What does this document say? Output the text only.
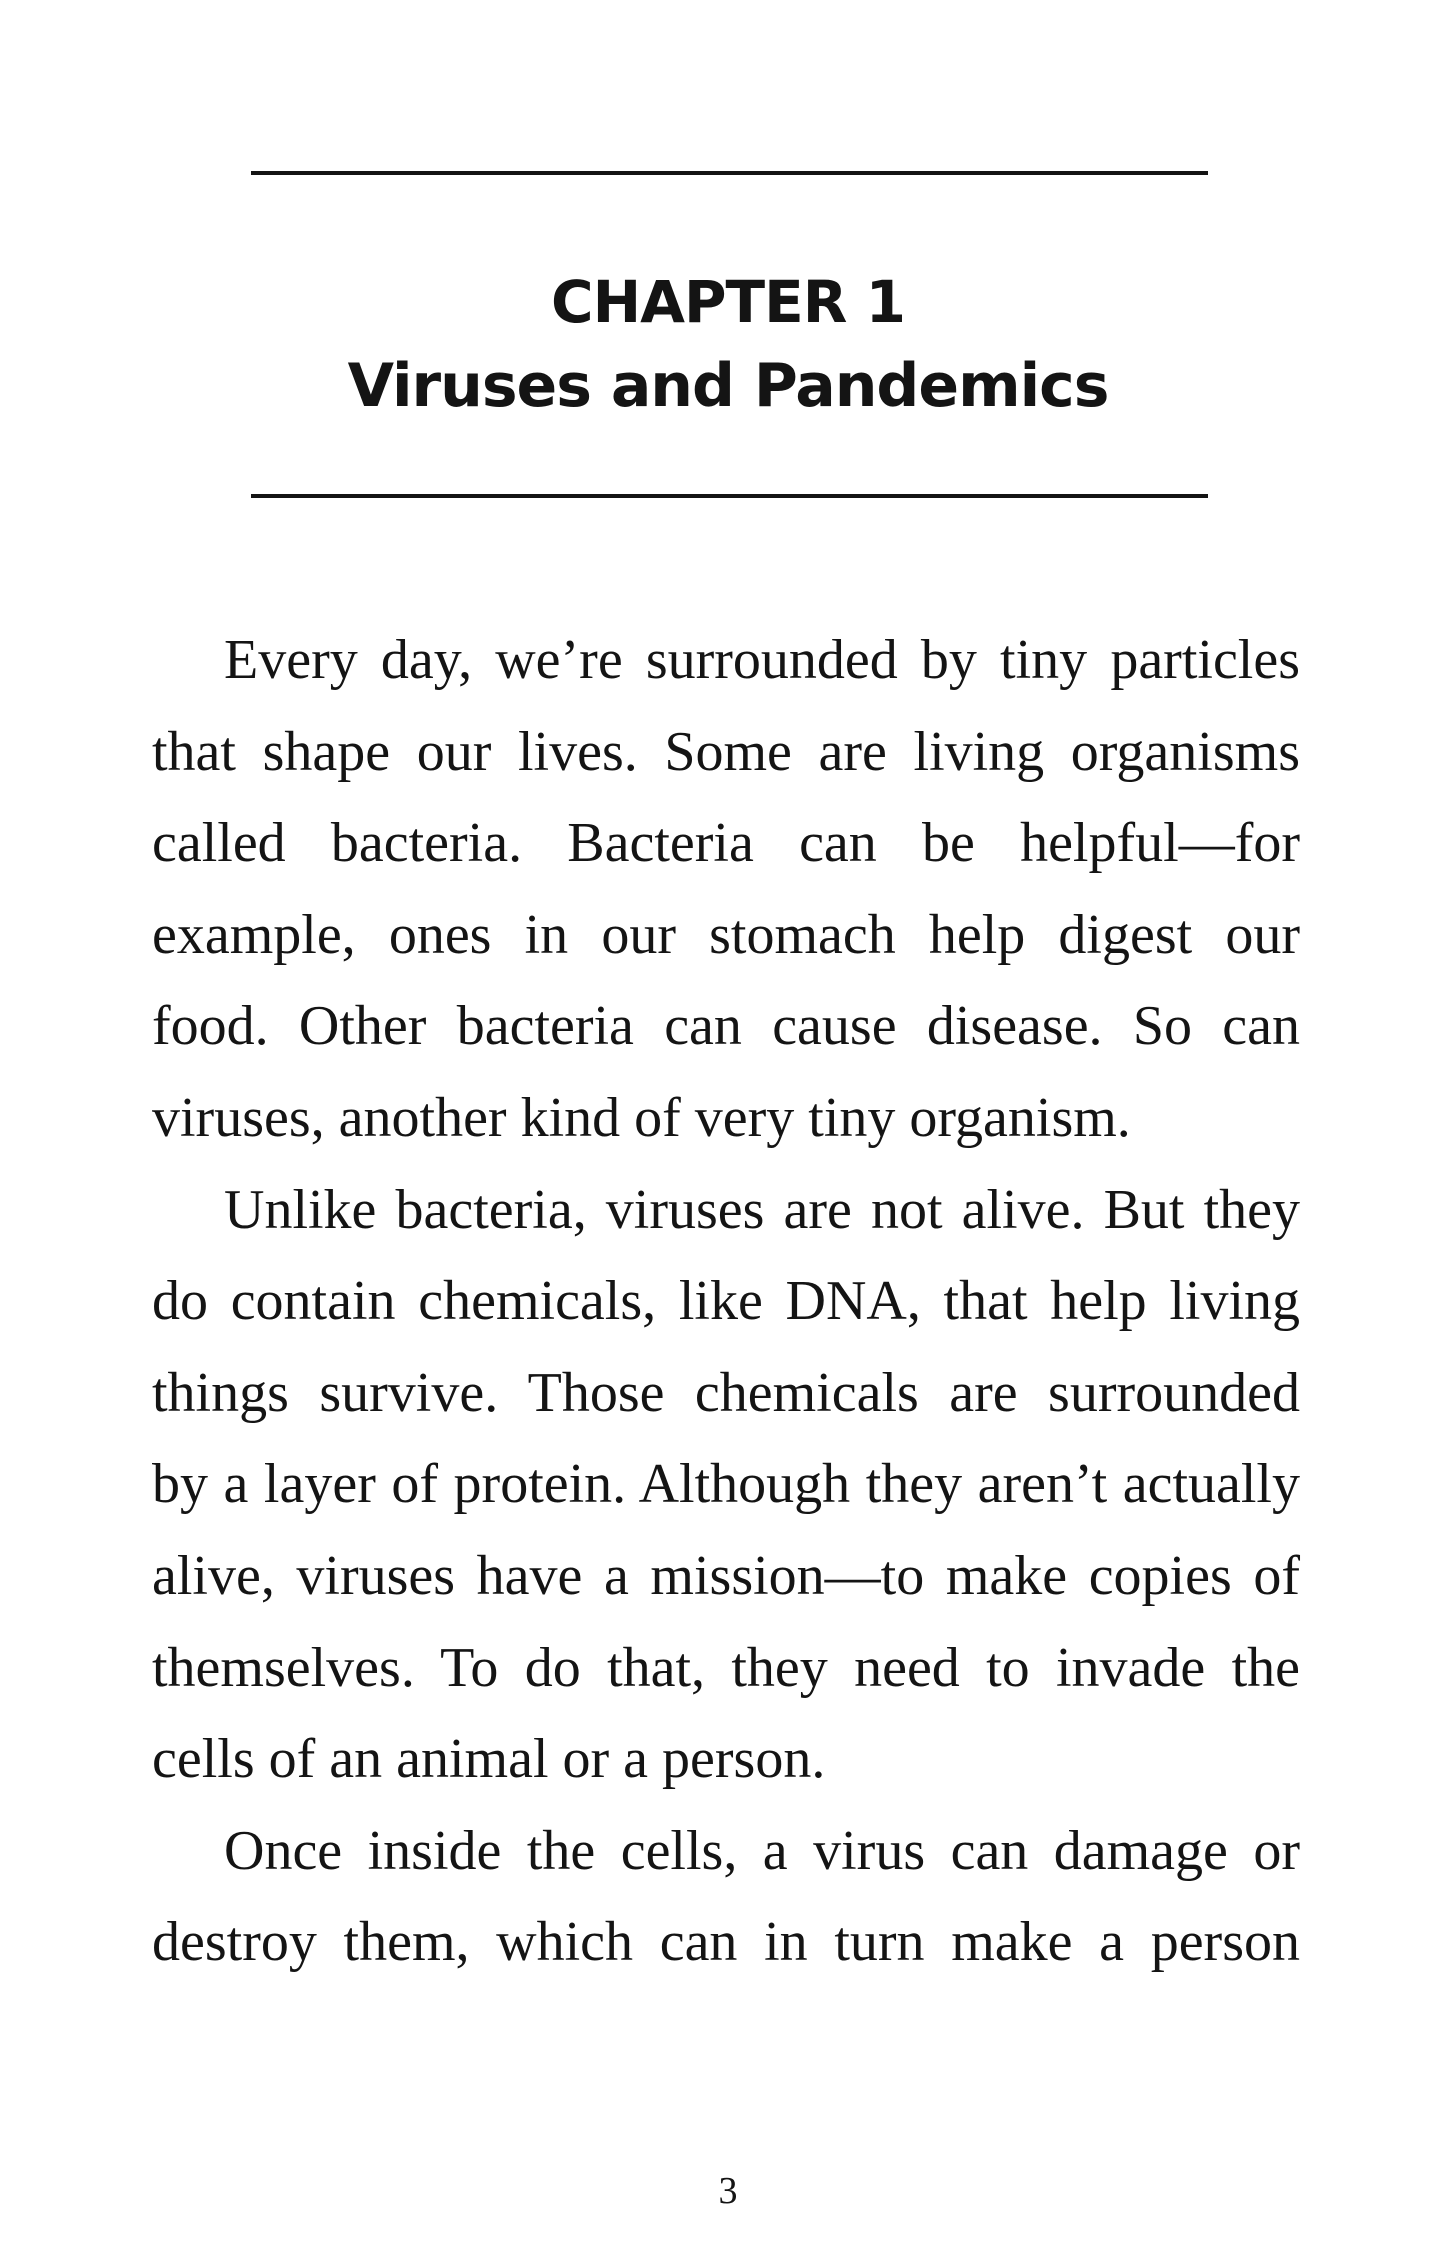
CHAPTER 1
Viruses and Pandemics
Every day, we’re surrounded by tiny particles
that shape our lives. Some are living organisms
called bacteria. Bacteria can be helpful—for
example, ones in our stomach help digest our
food. Other bacteria can cause disease. So can
viruses, another kind of very tiny organism.
Unlike bacteria, viruses are not alive. But they
do contain chemicals, like DNA, that help living
things survive. Those chemicals are surrounded
by a layer of protein. Although they aren’t actually
alive, viruses have a mission—to make copies of
themselves. To do that, they need to invade the
cells of an animal or a person.
Once inside the cells, a virus can damage or
destroy them, which can in turn make a person
3
